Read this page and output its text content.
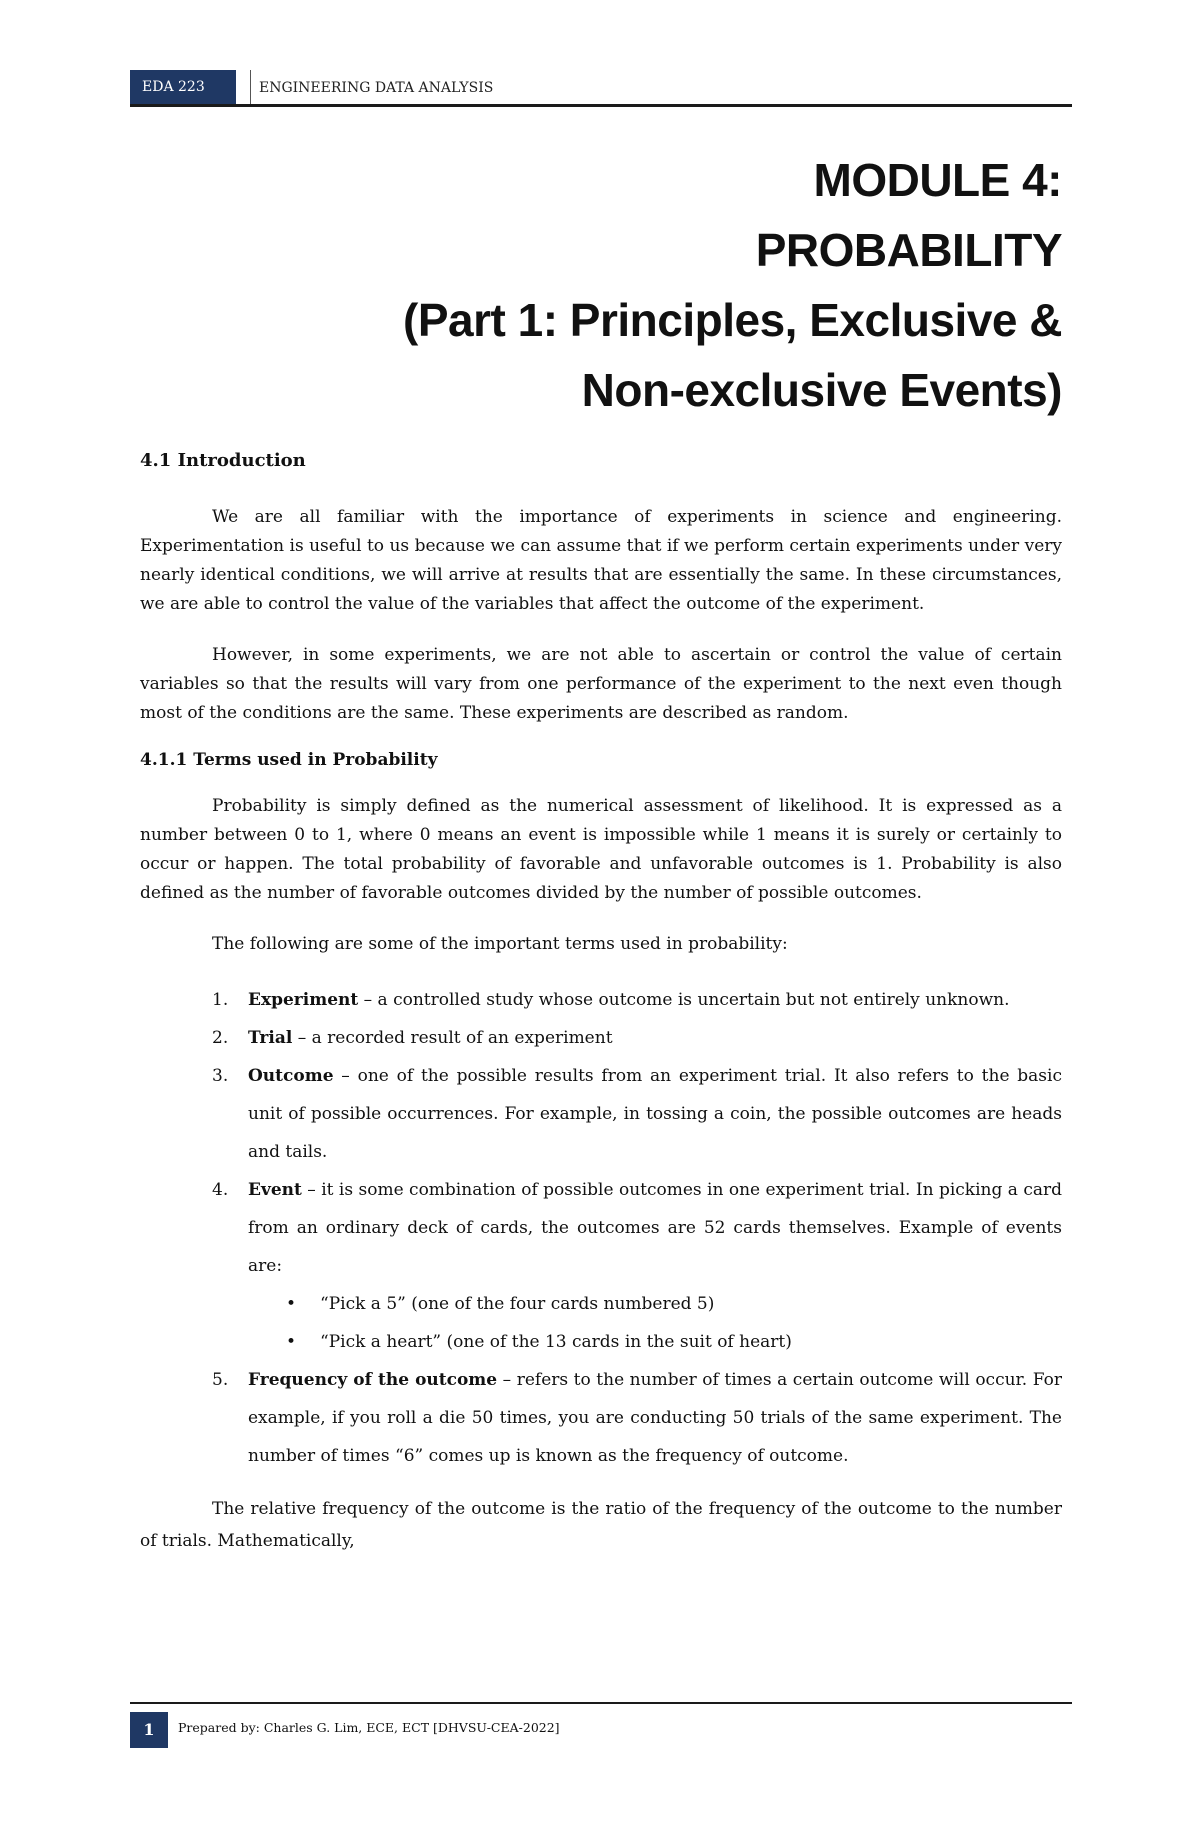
EDA 223	ENGINEERING DATA ANALYSIS
MODULE 4:
PROBABILITY
(Part 1: Principles, Exclusive &
Non-exclusive Events)
4.1 Introduction

We are all familiar with the importance of experiments in science and engineering. Experimentation is useful to us because we can assume that if we perform certain experiments under very nearly identical conditions, we will arrive at results that are essentially the same. In these circumstances, we are able to control the value of the variables that affect the outcome of the experiment.

However, in some experiments, we are not able to ascertain or control the value of certain variables so that the results will vary from one performance of the experiment to the next even though most of the conditions are the same. These experiments are described as random.

4.1.1 Terms used in Probability

Probability is simply defined as the numerical assessment of likelihood. It is expressed as a number between 0 to 1, where 0 means an event is impossible while 1 means it is surely or certainly to occur or happen. The total probability of favorable and unfavorable outcomes is 1. Probability is also defined as the number of favorable outcomes divided by the number of possible outcomes.

The following are some of the important terms used in probability:

1. Experiment – a controlled study whose outcome is uncertain but not entirely unknown.
2. Trial – a recorded result of an experiment
3. Outcome – one of the possible results from an experiment trial. It also refers to the basic unit of possible occurrences. For example, in tossing a coin, the possible outcomes are heads and tails.
4. Event – it is some combination of possible outcomes in one experiment trial. In picking a card from an ordinary deck of cards, the outcomes are 52 cards themselves. Example of events are:
• “Pick a 5” (one of the four cards numbered 5)
• “Pick a heart” (one of the 13 cards in the suit of heart)
5. Frequency of the outcome – refers to the number of times a certain outcome will occur. For example, if you roll a die 50 times, you are conducting 50 trials of the same experiment. The number of times “6” comes up is known as the frequency of outcome.

The relative frequency of the outcome is the ratio of the frequency of the outcome to the number of trials. Mathematically,

1	Prepared by: Charles G. Lim, ECE, ECT [DHVSU-CEA-2022]
